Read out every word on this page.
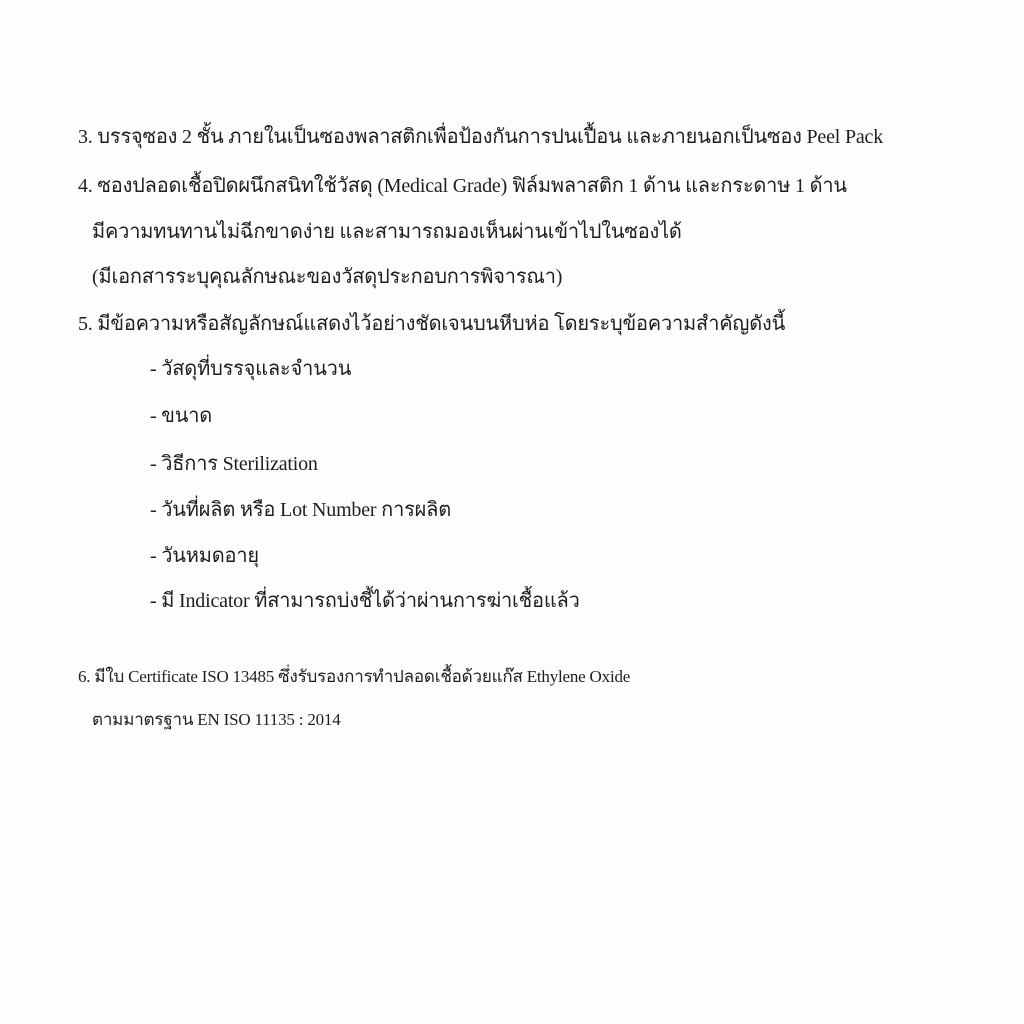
3. บรรจุซอง 2 ชั้น ภายในเป็นซองพลาสติกเพื่อป้องกันการปนเปื้อน และภายนอกเป็นซอง Peel Pack
4. ซองปลอดเชื้อปิดผนึกสนิทใช้วัสดุ (Medical Grade) ฟิล์มพลาสติก 1 ด้าน และกระดาษ 1 ด้าน
มีความทนทานไม่ฉีกขาดง่าย และสามารถมองเห็นผ่านเข้าไปในซองได้
(มีเอกสารระบุคุณลักษณะของวัสดุประกอบการพิจารณา)
5. มีข้อความหรือสัญลักษณ์แสดงไว้อย่างชัดเจนบนหีบห่อ โดยระบุข้อความสำคัญดังนี้
- วัสดุที่บรรจุและจำนวน
- ขนาด
- วิธีการ Sterilization
- วันที่ผลิต หรือ Lot Number การผลิต
- วันหมดอายุ
- มี Indicator ที่สามารถบ่งชี้ได้ว่าผ่านการฆ่าเชื้อแล้ว
6. มีใบ Certificate ISO 13485 ซึ่งรับรองการทำปลอดเชื้อด้วยแก๊ส Ethylene Oxide
ตามมาตรฐาน EN ISO 11135 : 2014
